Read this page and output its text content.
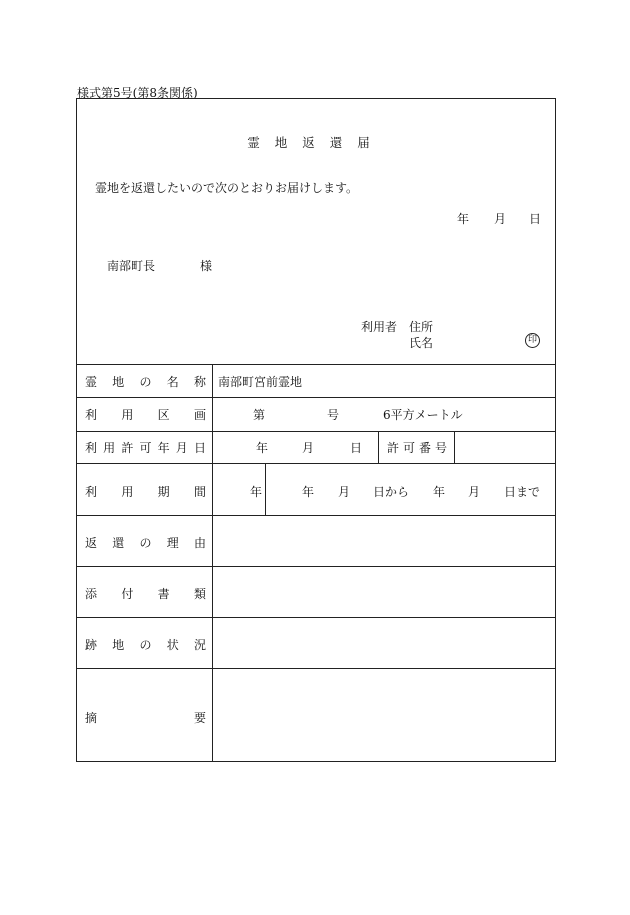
様式第5号(第8条関係)
霊地返還届
霊地を返還したいので次のとおりお届けします。
年 月 日
南部町長	様
利用者 住所
氏名	印
霊 地 の 名 称 南部町宮前霊地
利 用 区 画	第	号	6平方メートル
利 用 許 可 年 月 日	年	月	日 許 可 番 号
利 用 期 間	年	年 月 日から 年 月 日まで
返 還 の 理 由
添 付 書 類
跡 地 の 状 況
摘	要
